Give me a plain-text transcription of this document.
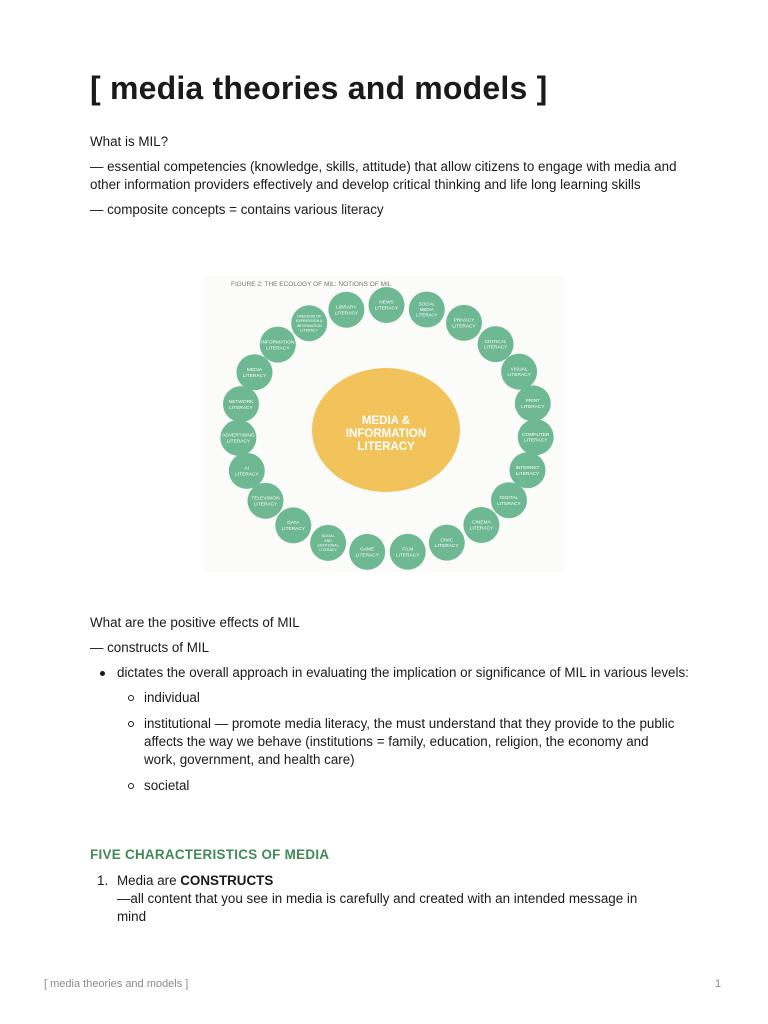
[ media theories and models ]

What is MIL?

— essential competencies (knowledge, skills, attitude) that allow citizens to engage with media and other information providers effectively and develop critical thinking and life long learning skills

— composite concepts = contains various literacy

FIGURE 2: THE ECOLOGY OF MIL: NOTIONS OF MIL
MEDIA &
INFORMATION
LITERACY
NEWS
LITERACY
SOCIAL
MEDIA
LITERACY
PRIVACY
LITERACY
CRITICAL
LITERACY
VISUAL
LITERACY
PRINT
LITERACY
COMPUTER
LITERACY
INTERNET
LITERACY
DIGITAL
LITERACY
CINEMA
LITERACY
CIVIC
LITERACY
FILM
LITERACY
GAME
LITERACY
SOCIAL
AND
EMOTIONAL
LITERACY
DATA
LITERACY
TELEVISION
LITERACY
AI
LITERACY
ADVERTISING
LITERACY
NETWORK
LITERACY
MEDIA
LITERACY
INFORMATION
LITERACY
FREEDOM OF
EXPRESSION &
INFORMATION
LITERACY
LIBRARY
LITERACY

What are the positive effects of MIL

— constructs of MIL

dictates the overall approach in evaluating the implication or significance of MIL in various levels:
individual
institutional — promote media literacy, the must understand that they provide to the public affects the way we behave (institutions = family, education, religion, the economy and work, government, and health care)
societal
FIVE CHARACTERISTICS OF MEDIA
1. Media are CONSTRUCTS
—all content that you see in media is carefully and created with an intended message in mind
[ media theories and models ]	1
